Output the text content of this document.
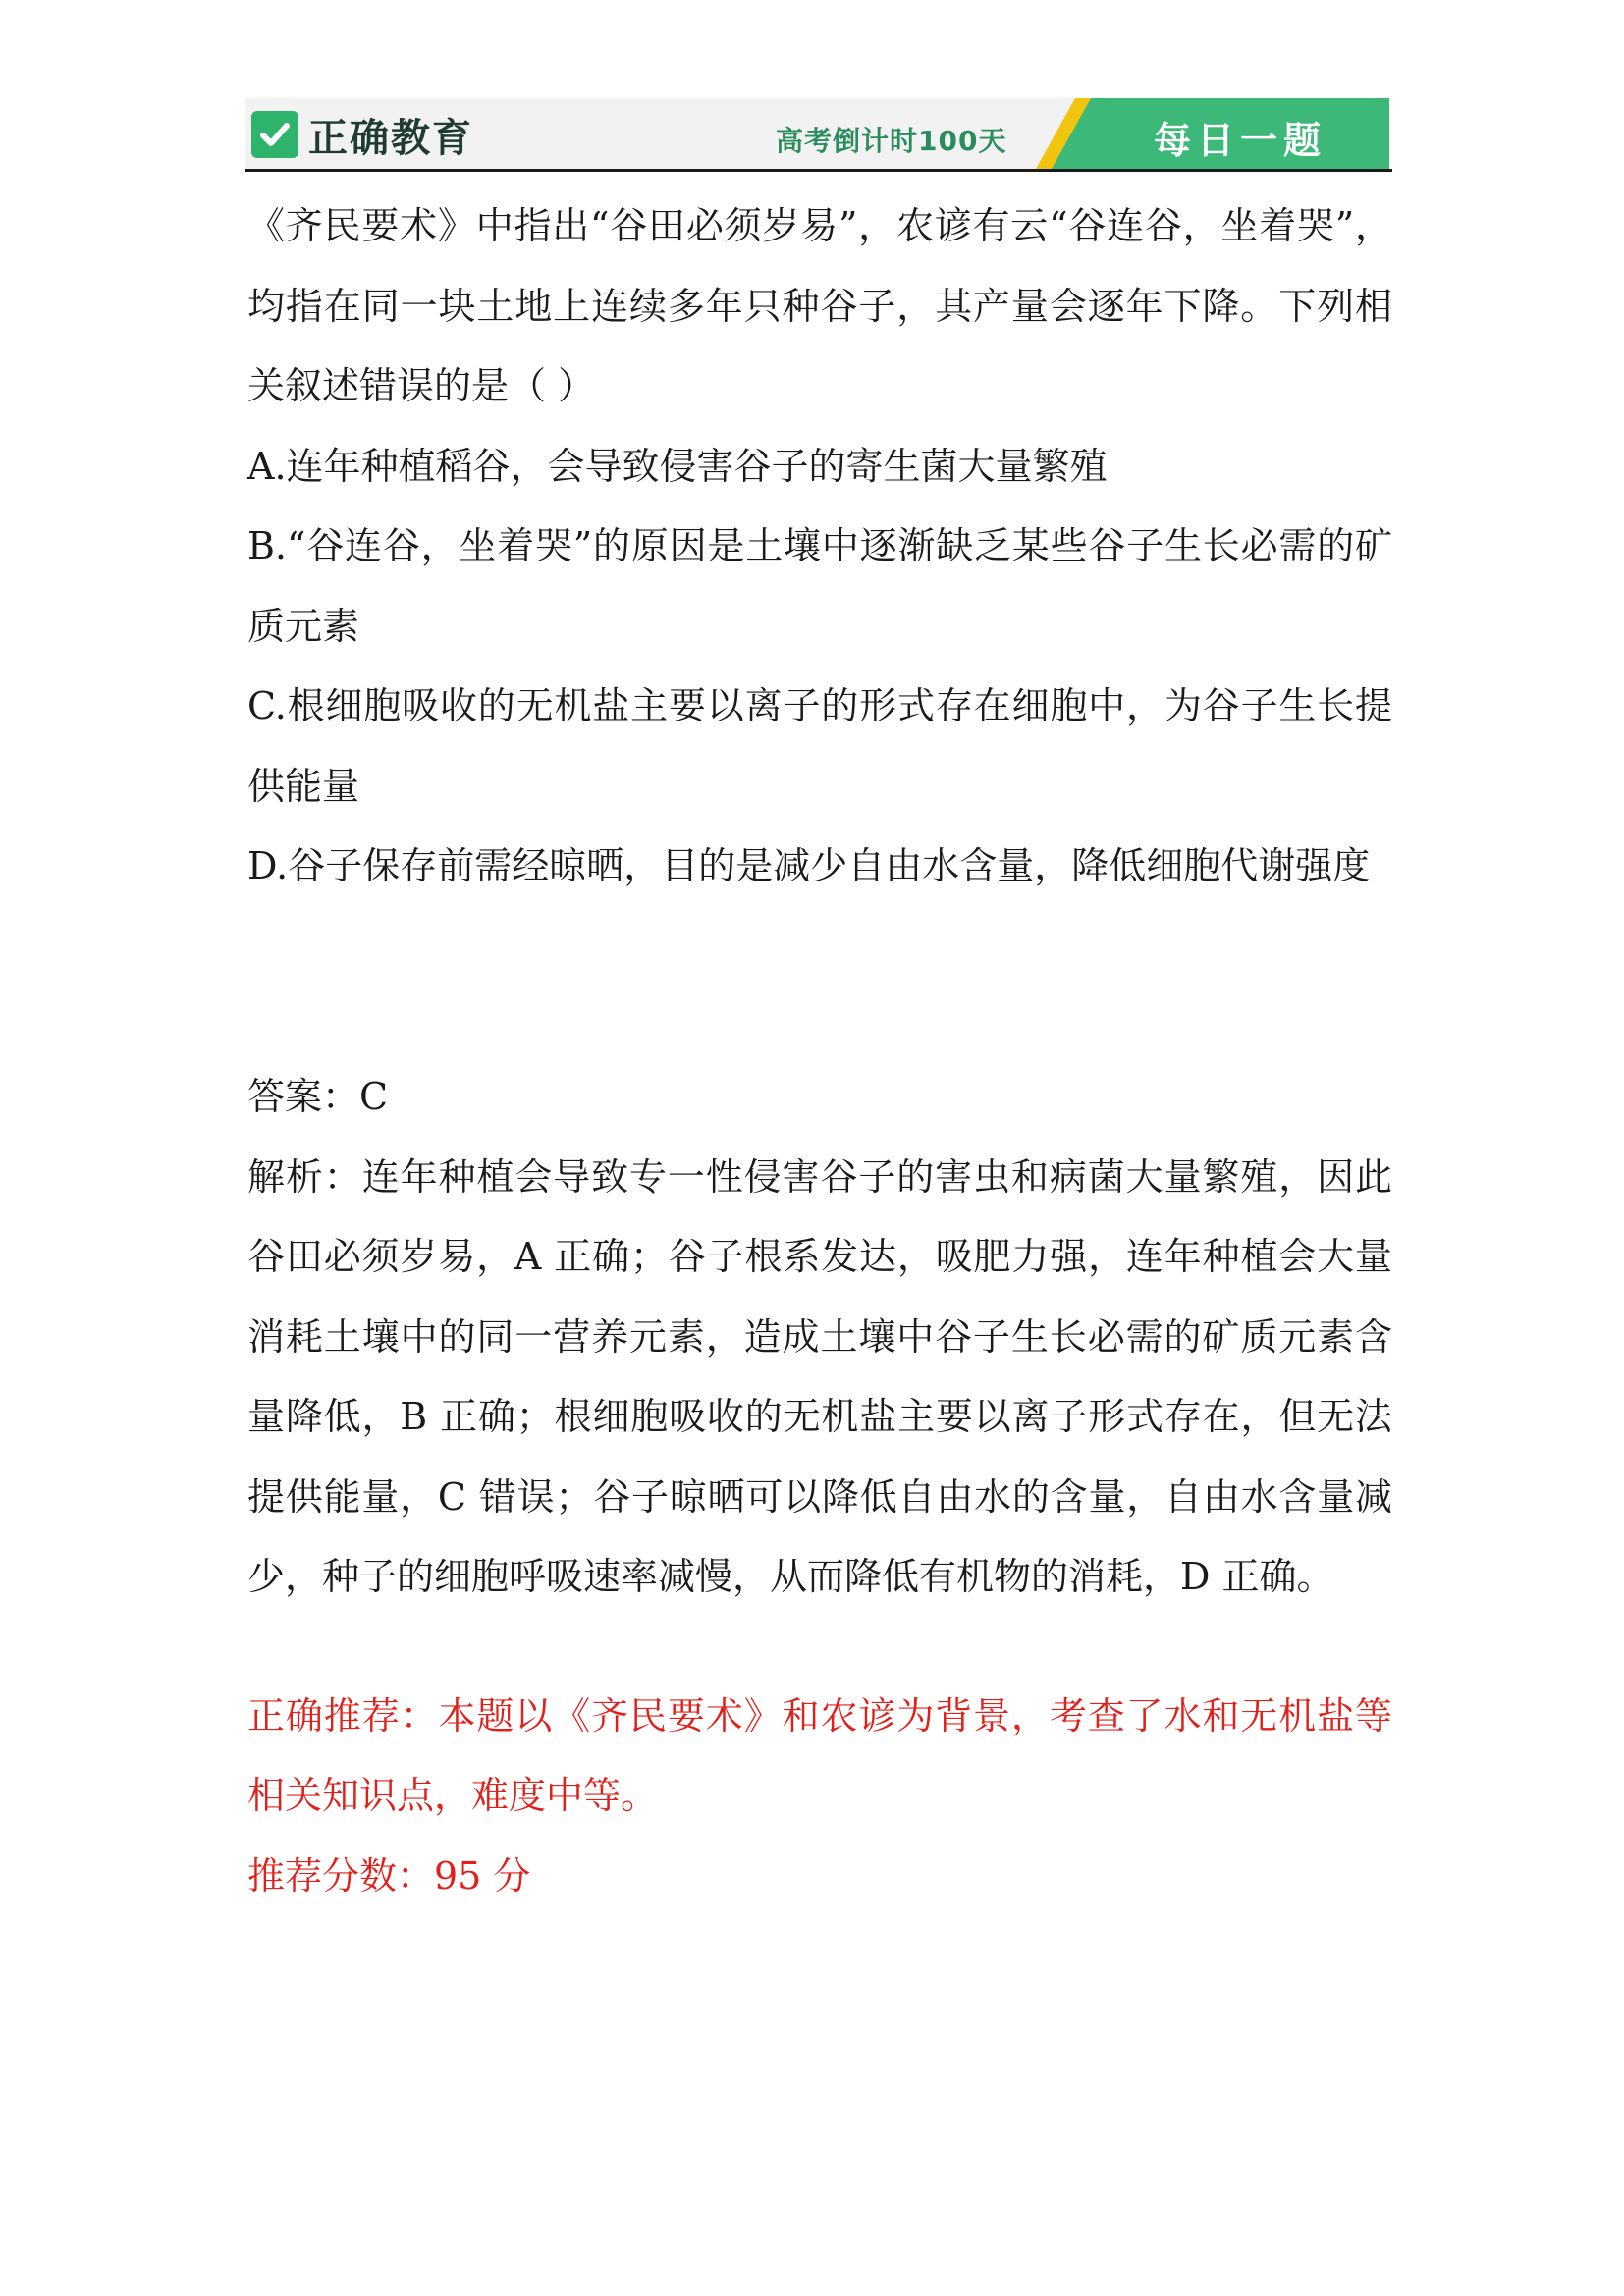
正确教育	高考倒计时100天	每日一题

《齐民要术》中指出“谷田必须岁易”，农谚有云“谷连谷，坐着哭”，均指在同一块土地上连续多年只种谷子，其产量会逐年下降。下列相关叙述错误的是（ ）

A.连年种植稻谷，会导致侵害谷子的寄生菌大量繁殖

B.“谷连谷，坐着哭”的原因是土壤中逐渐缺乏某些谷子生长必需的矿质元素

C.根细胞吸收的无机盐主要以离子的形式存在细胞中，为谷子生长提供能量

D.谷子保存前需经晾晒，目的是减少自由水含量，降低细胞代谢强度

答案：C

解析：连年种植会导致专一性侵害谷子的害虫和病菌大量繁殖，因此谷田必须岁易，A 正确；谷子根系发达，吸肥力强，连年种植会大量消耗土壤中的同一营养元素，造成土壤中谷子生长必需的矿质元素含量降低，B 正确；根细胞吸收的无机盐主要以离子形式存在，但无法提供能量，C 错误；谷子晾晒可以降低自由水的含量，自由水含量减少，种子的细胞呼吸速率减慢，从而降低有机物的消耗，D 正确。

正确推荐：本题以《齐民要术》和农谚为背景，考查了水和无机盐等相关知识点，难度中等。

推荐分数：95 分
